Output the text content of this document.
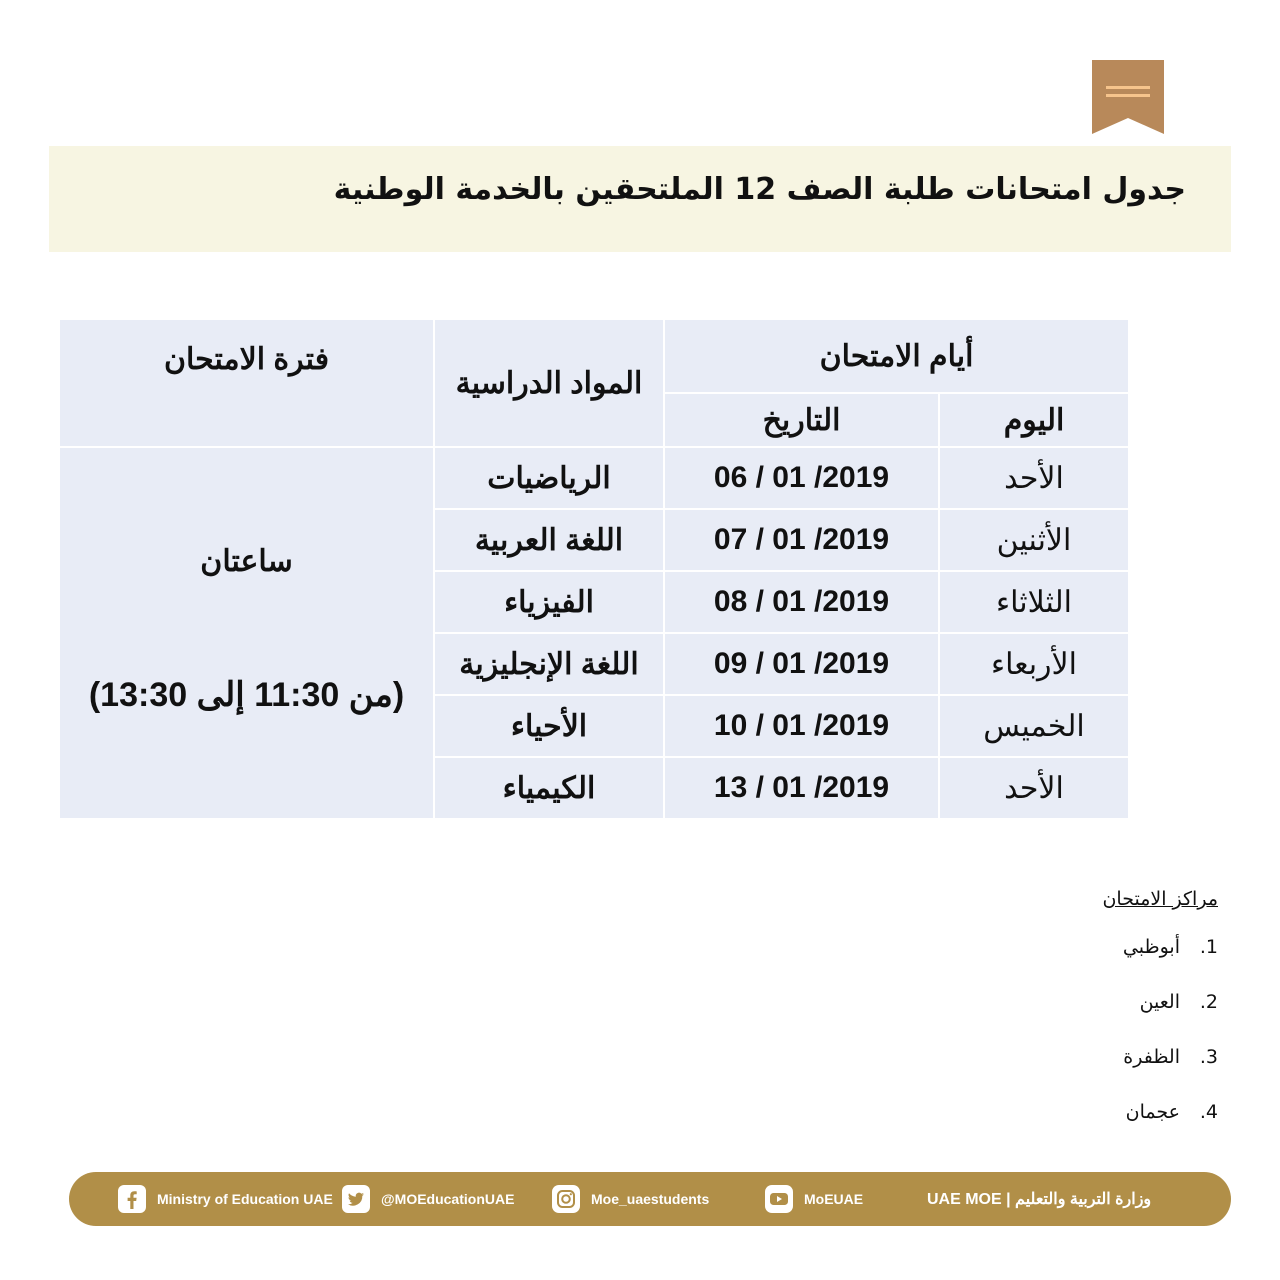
جدول امتحانات طلبة الصف 12 الملتحقين بالخدمة الوطنية
أيام الامتحان		المواد الدراسية	فترة الامتحان
اليوم	التاريخ		
الأحد	06 / 01 /2019	الرياضيات	ساعتان
(من 11:30 إلى 13:30)

الأثنين	07 / 01 /2019	اللغة العربية	
الثلاثاء	08 / 01 /2019	الفيزياء	
الأربعاء	09 / 01 /2019	اللغة الإنجليزية	
الخميس	10 / 01 /2019	الأحياء	
الأحد	13 / 01 /2019	الكيمياء	
مراكز الامتحان
1.
أبوظبي
2.
العين
3.
الظفرة
4.
عجمان
Ministry of Education UAE	@MOEducationUAE	Moe_uaestudents	MoEUAE	UAE MOE | وزارة التربية والتعليم
